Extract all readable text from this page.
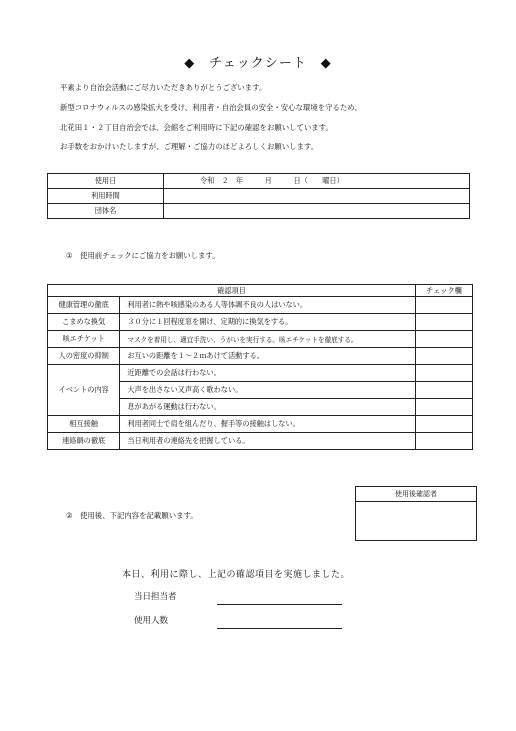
◆　チェックシート　◆
平素より自治会活動にご尽力いただきありがとうございます。
新型コロナウィルスの感染拡大を受け、利用者・自治会員の安全・安心な環境を守るため、
北花田１・２丁目自治会では、会館をご利用時に下記の確認をお願いしています。
お手数をおかけいたしますが、ご理解・ご協力のほどよろしくお願いします。
使用日	令和　２　年　　　月　　　日（　　曜日）
利用時間	
団体名	
①　使用前チェックにご協力をお願いします。
確認項目		チェック欄
健康管理の徹底	利用者に熱や咳感染のある人等体調不良の人はいない。	
こまめな換気	３０分に１回程度窓を開け、定期的に換気をする。	
咳エチケット	マスクを着用し、適宜手洗い、うがいを実行する。咳エチケットを徹底する。	
人の密度の抑制	お互いの距離を１～２ｍあけて活動する。	
イベントの内容	近距離での会話は行わない。	
	大声を出さない又声高く歌わない。	
	息があがる運動は行わない。	
相互接触	利用者同士で肩を組んだり、握手等の接触はしない。	
連絡網の徹底	当日利用者の連絡先を把握している。	
使用後確認者
②　使用後、下記内容を記載願います。
本日、利用に際し、上記の確認項目を実施しました。
当日担当者
使用人数
